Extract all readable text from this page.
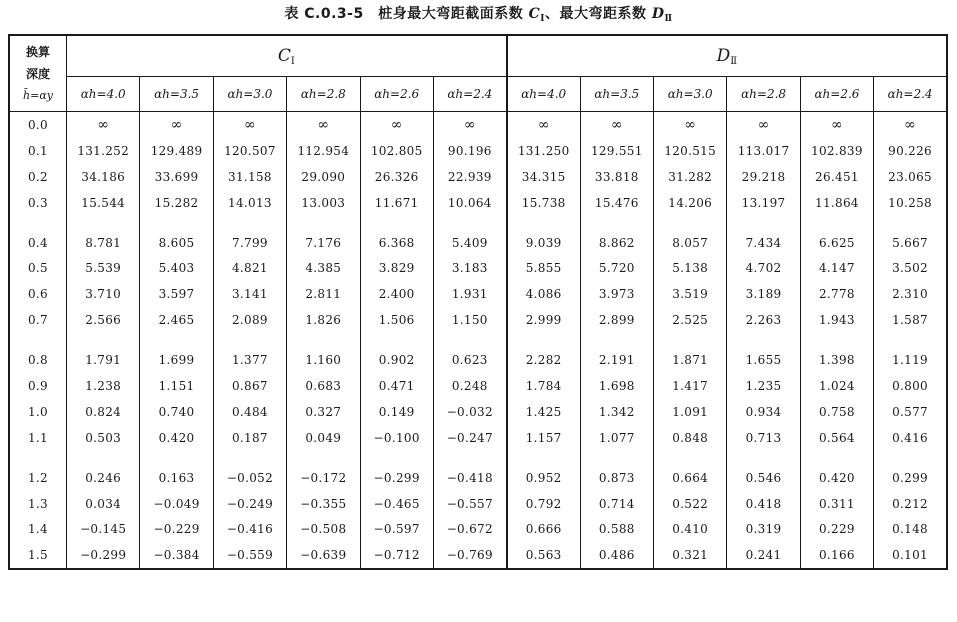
表 C.0.3-5　桩身最大弯距截面系数 $C_I$、最大弯距系数 $D_Ⅱ$
换算
深度
h̄=αy	CI						DⅡ					
	αh=4.0	αh=3.5	αh=3.0	αh=2.8	αh=2.6	αh=2.4	αh=4.0	αh=3.5	αh=3.0	αh=2.8	αh=2.6	αh=2.4
0.0	∞	∞	∞	∞	∞	∞	∞	∞	∞	∞	∞	∞
0.1	131.252	129.489	120.507	112.954	102.805	90.196	131.250	129.551	120.515	113.017	102.839	90.226
0.2	34.186	33.699	31.158	29.090	26.326	22.939	34.315	33.818	31.282	29.218	26.451	23.065
0.3	15.544	15.282	14.013	13.003	11.671	10.064	15.738	15.476	14.206	13.197	11.864	10.258
0.4	8.781	8.605	7.799	7.176	6.368	5.409	9.039	8.862	8.057	7.434	6.625	5.667
0.5	5.539	5.403	4.821	4.385	3.829	3.183	5.855	5.720	5.138	4.702	4.147	3.502
0.6	3.710	3.597	3.141	2.811	2.400	1.931	4.086	3.973	3.519	3.189	2.778	2.310
0.7	2.566	2.465	2.089	1.826	1.506	1.150	2.999	2.899	2.525	2.263	1.943	1.587
0.8	1.791	1.699	1.377	1.160	0.902	0.623	2.282	2.191	1.871	1.655	1.398	1.119
0.9	1.238	1.151	0.867	0.683	0.471	0.248	1.784	1.698	1.417	1.235	1.024	0.800
1.0	0.824	0.740	0.484	0.327	0.149	−0.032	1.425	1.342	1.091	0.934	0.758	0.577
1.1	0.503	0.420	0.187	0.049	−0.100	−0.247	1.157	1.077	0.848	0.713	0.564	0.416
1.2	0.246	0.163	−0.052	−0.172	−0.299	−0.418	0.952	0.873	0.664	0.546	0.420	0.299
1.3	0.034	−0.049	−0.249	−0.355	−0.465	−0.557	0.792	0.714	0.522	0.418	0.311	0.212
1.4	−0.145	−0.229	−0.416	−0.508	−0.597	−0.672	0.666	0.588	0.410	0.319	0.229	0.148
1.5	−0.299	−0.384	−0.559	−0.639	−0.712	−0.769	0.563	0.486	0.321	0.241	0.166	0.101
